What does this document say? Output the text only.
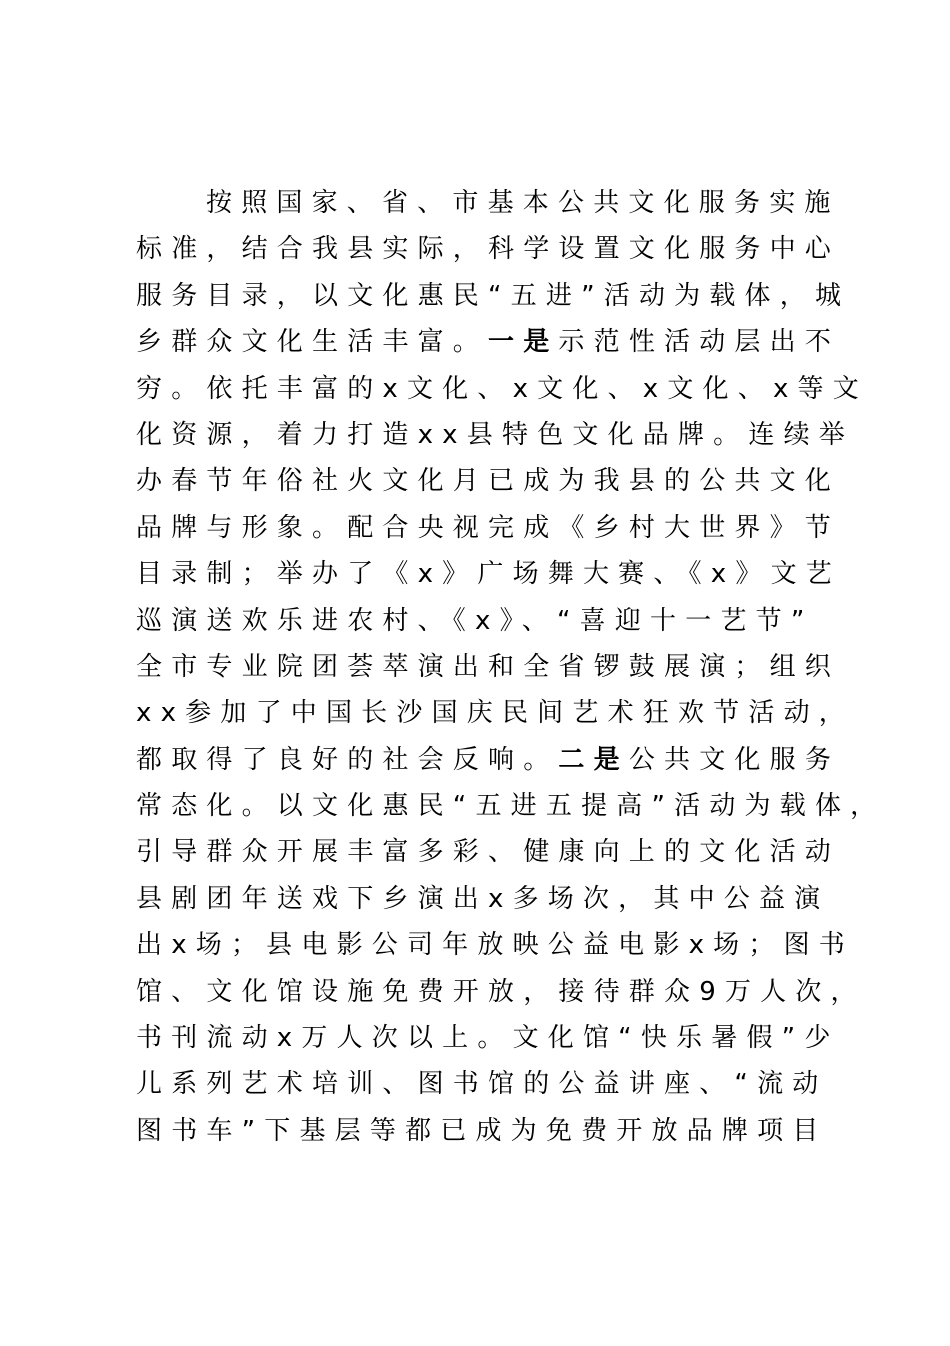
按照国家、省、市基本公共文化服务实施
标准，结合我县实际，科学设置文化服务中心
服务目录，以文化惠民“五进”活动为载体，城
乡群众文化生活丰富。一是示范性活动层出不
穷。依托丰富的x文化、x文化、x文化、x等文
化资源，着力打造xx县特色文化品牌。连续举
办春节年俗社火文化月已成为我县的公共文化
品牌与形象。配合央视完成《乡村大世界》节
目录制；举办了《x》广场舞大赛、《x》文艺
巡演送欢乐进农村、《x》、“喜迎十一艺节”
全市专业院团荟萃演出和全省锣鼓展演；组织
xx参加了中国长沙国庆民间艺术狂欢节活动，
都取得了良好的社会反响。二是公共文化服务
常态化。以文化惠民“五进五提高”活动为载体，
引导群众开展丰富多彩、健康向上的文化活动
县剧团年送戏下乡演出x多场次，其中公益演
出x场；县电影公司年放映公益电影x场；图书
馆、文化馆设施免费开放，接待群众9万人次，
书刊流动x万人次以上。文化馆“快乐暑假”少
儿系列艺术培训、图书馆的公益讲座、“流动
图书车”下基层等都已成为免费开放品牌项目
